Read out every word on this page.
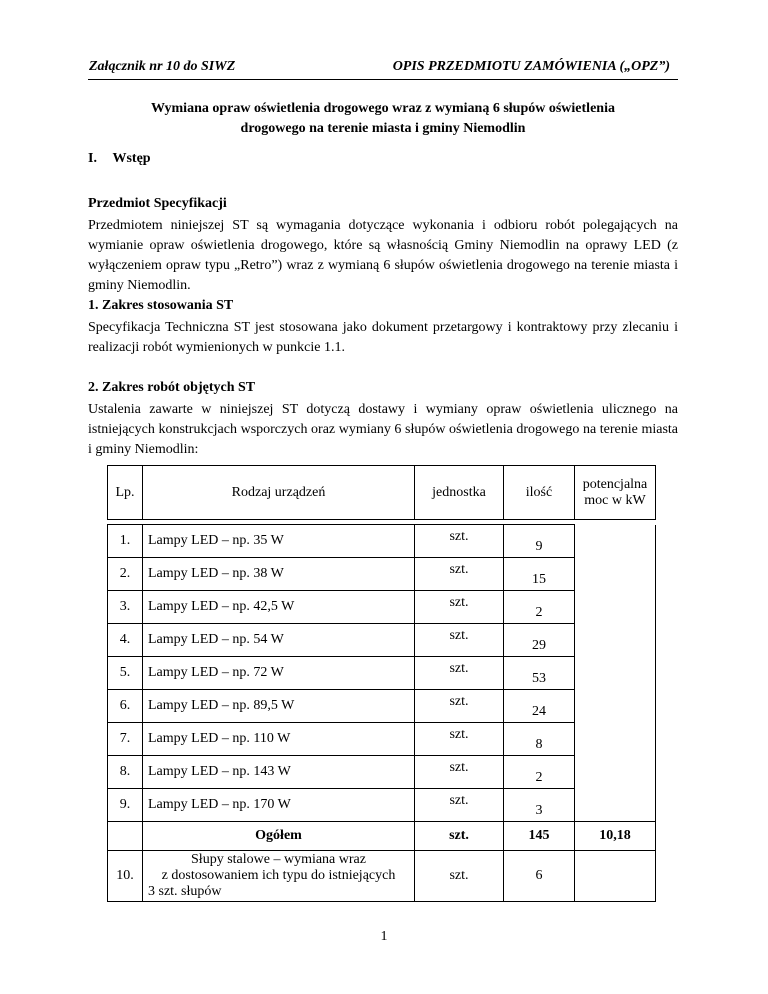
Załącznik nr 10 do SIWZ	OPIS PRZEDMIOTU ZAMÓWIENIA („OPZ”)
Wymiana opraw oświetlenia drogowego wraz z wymianą 6 słupów oświetlenia
drogowego na terenie miasta i gminy Niemodlin
I. Wstęp
Przedmiot Specyfikacji
Przedmiotem niniejszej ST są wymagania dotyczące wykonania i odbioru robót polegających na wymianie opraw oświetlenia drogowego, które są własnością Gminy Niemodlin na oprawy LED (z wyłączeniem opraw typu „Retro”) wraz z wymianą 6 słupów oświetlenia drogowego na terenie miasta i gminy Niemodlin.
1. Zakres stosowania ST
Specyfikacja Techniczna ST jest stosowana jako dokument przetargowy i kontraktowy przy zlecaniu i realizacji robót wymienionych w punkcie 1.1.
2. Zakres robót objętych ST
Ustalenia zawarte w niniejszej ST dotyczą dostawy i wymiany opraw oświetlenia ulicznego na istniejących konstrukcjach wsporczych oraz wymiany 6 słupów oświetlenia drogowego na terenie miasta i gminy Niemodlin:
Lp.	Rodzaj urządzeń	jednostka	ilość	potencjalna moc w kW

1.	Lampy LED – np. 35 W	szt.	9	
2.	Lampy LED – np. 38 W	szt.	15	
3.	Lampy LED – np. 42,5 W	szt.	2	
4.	Lampy LED – np. 54 W	szt.	29	
5.	Lampy LED – np. 72 W	szt.	53	
6.	Lampy LED – np. 89,5 W	szt.	24	
7.	Lampy LED – np. 110 W	szt.	8	
8.	Lampy LED – np. 143 W	szt.	2	
9.	Lampy LED – np. 170 W	szt.	3	
	Ogółem	szt.	145	10,18
10.	Słupy stalowe – wymiana wraz
z dostosowaniem ich typu do istniejących
3 szt. słupów	szt.	6	
1
